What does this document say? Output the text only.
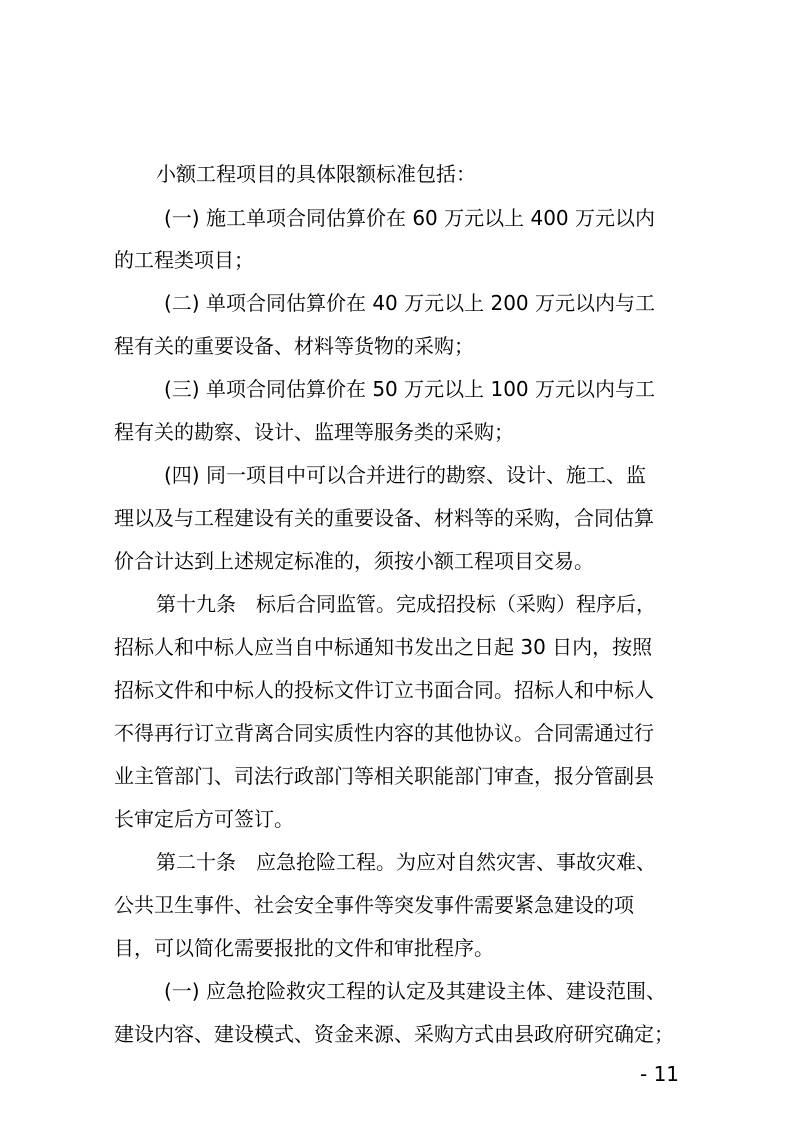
小额工程项目的具体限额标准包括：
(一) 施工单项合同估算价在 60 万元以上 400 万元以内
的工程类项目；
(二) 单项合同估算价在 40 万元以上 200 万元以内与工
程有关的重要设备、材料等货物的采购；
(三) 单项合同估算价在 50 万元以上 100 万元以内与工
程有关的勘察、设计、监理等服务类的采购；
(四) 同一项目中可以合并进行的勘察、设计、施工、监
理以及与工程建设有关的重要设备、材料等的采购，合同估算
价合计达到上述规定标准的，须按小额工程项目交易。
第十九条　标后合同监管。完成招投标（采购）程序后，
招标人和中标人应当自中标通知书发出之日起 30 日内，按照
招标文件和中标人的投标文件订立书面合同。招标人和中标人
不得再行订立背离合同实质性内容的其他协议。合同需通过行
业主管部门、司法行政部门等相关职能部门审查，报分管副县
长审定后方可签订。
第二十条　应急抢险工程。为应对自然灾害、事故灾难、
公共卫生事件、社会安全事件等突发事件需要紧急建设的项
目，可以简化需要报批的文件和审批程序。
(一) 应急抢险救灾工程的认定及其建设主体、建设范围、
建设内容、建设模式、资金来源、采购方式由县政府研究确定；
- 11
